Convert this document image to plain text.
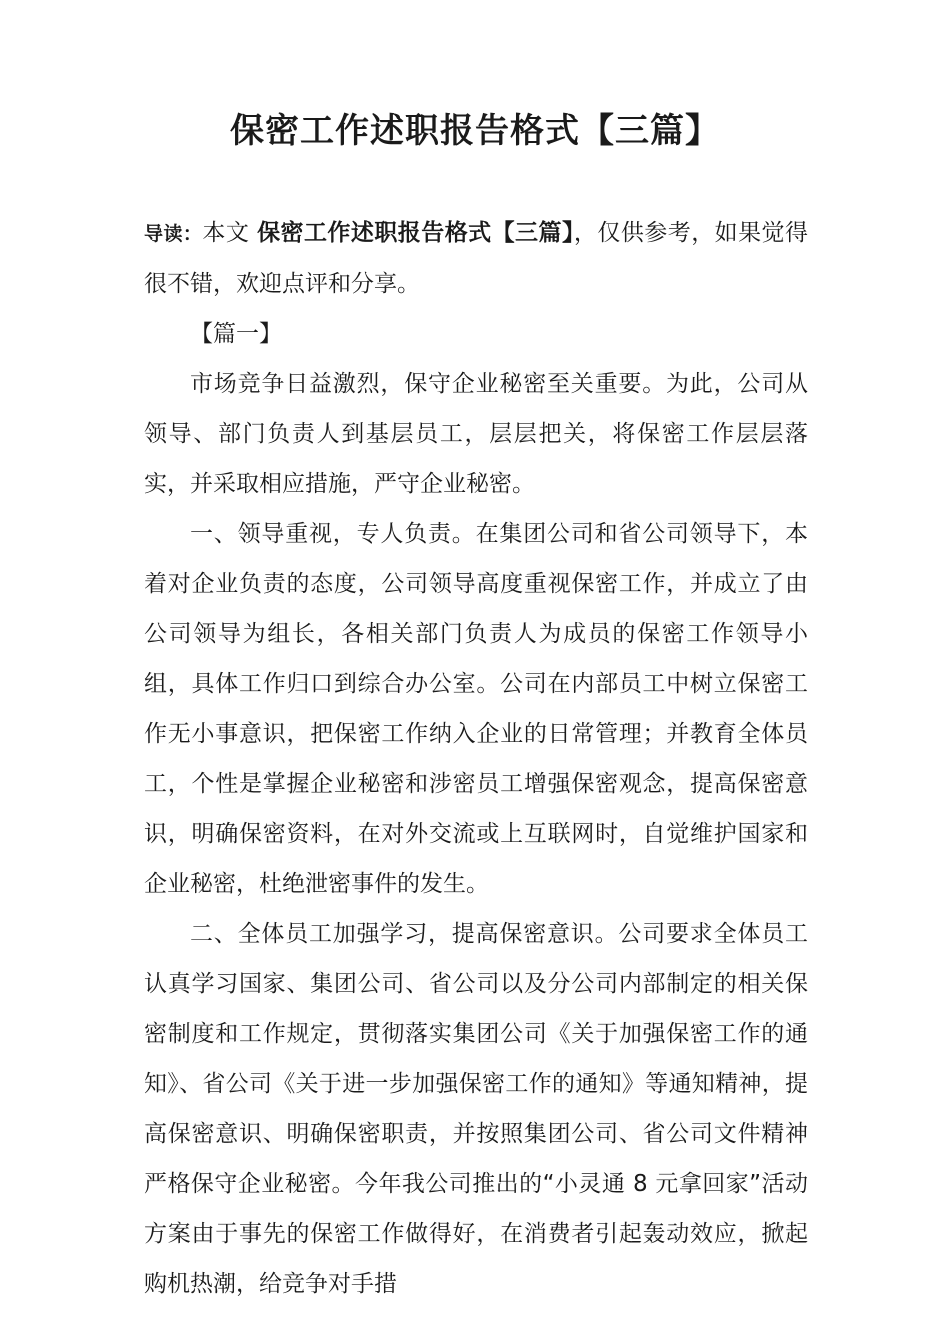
保密工作述职报告格式【三篇】

导读：本文 保密工作述职报告格式【三篇】，仅供参考，如果觉得很不错，欢迎点评和分享。

【篇一】

市场竞争日益激烈，保守企业秘密至关重要。为此，公司从领导、部门负责人到基层员工，层层把关，将保密工作层层落实，并采取相应措施，严守企业秘密。

一、领导重视，专人负责。在集团公司和省公司领导下，本着对企业负责的态度，公司领导高度重视保密工作，并成立了由公司领导为组长，各相关部门负责人为成员的保密工作领导小组，具体工作归口到综合办公室。公司在内部员工中树立保密工作无小事意识，把保密工作纳入企业的日常管理；并教育全体员工，个性是掌握企业秘密和涉密员工增强保密观念，提高保密意识，明确保密资料，在对外交流或上互联网时，自觉维护国家和企业秘密，杜绝泄密事件的发生。

二、全体员工加强学习，提高保密意识。公司要求全体员工认真学习国家、集团公司、省公司以及分公司内部制定的相关保密制度和工作规定，贯彻落实集团公司《关于加强保密工作的通知》、省公司《关于进一步加强保密工作的通知》等通知精神，提高保密意识、明确保密职责，并按照集团公司、省公司文件精神严格保守企业秘密。今年我公司推出的“小灵通 8 元拿回家”活动方案由于事先的保密工作做得好，在消费者引起轰动效应，掀起购机热潮，给竞争对手措
